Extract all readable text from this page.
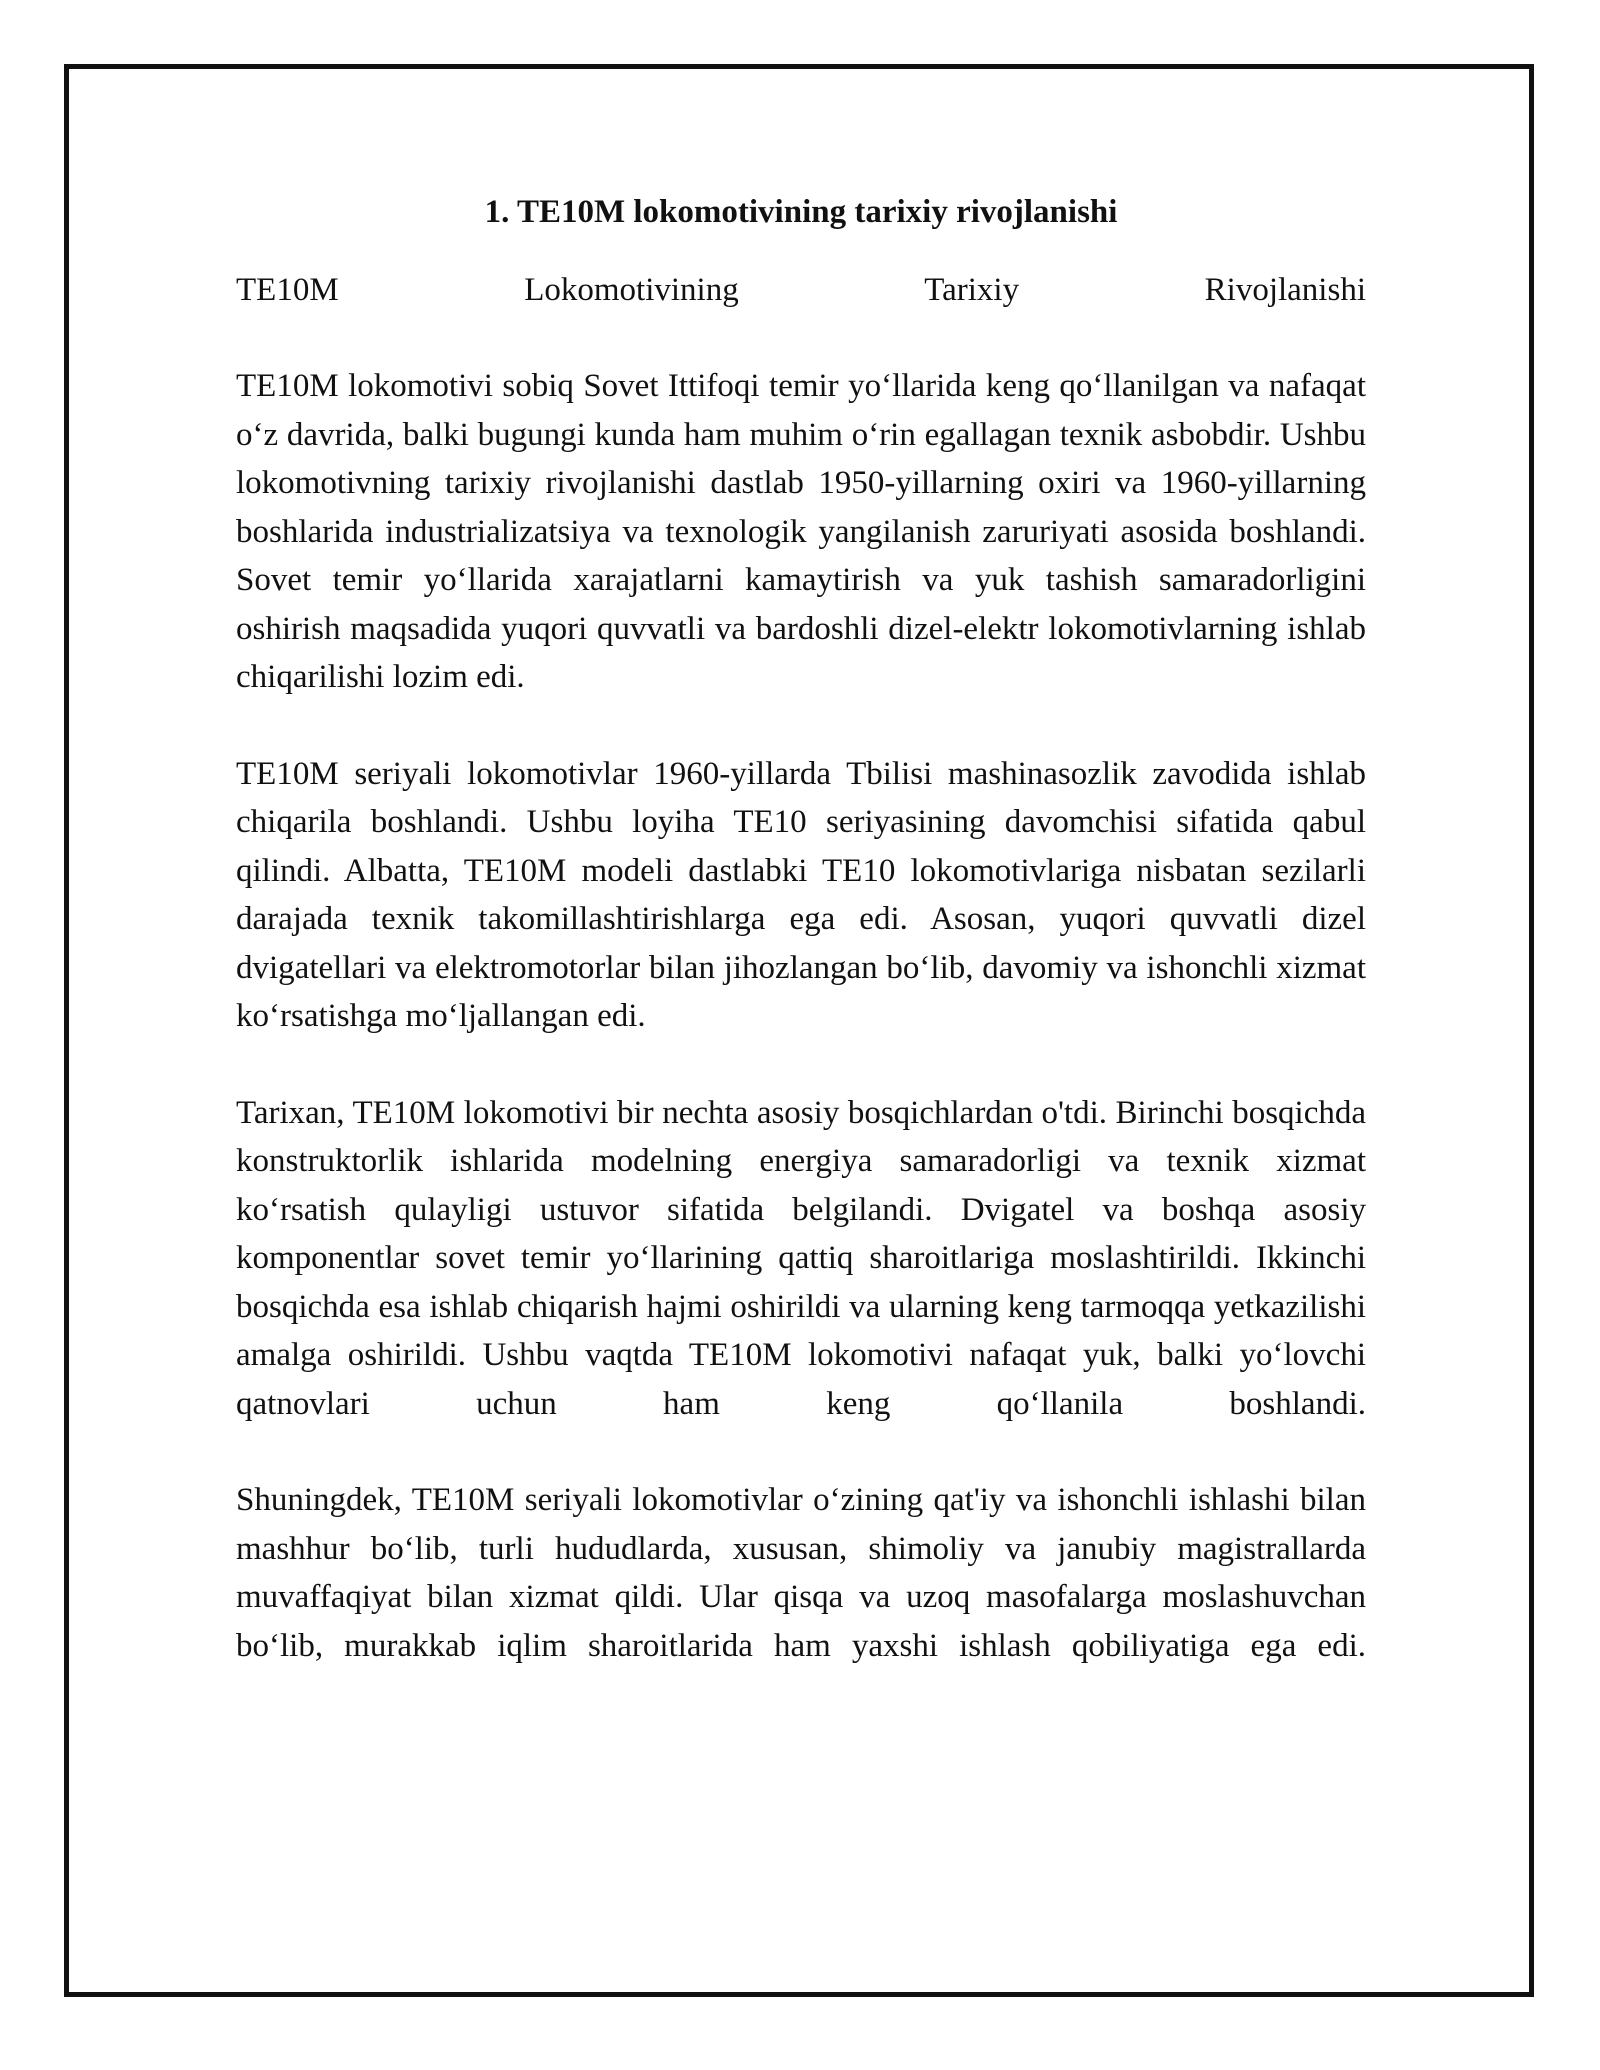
1. TE10M lokomotivining tarixiy rivojlanishi
TE10M	Lokomotivining	Tarixiy	Rivojlanishi

TE10M lokomotivi sobiq Sovet Ittifoqi temir yo‘llarida keng qo‘llanilgan va nafaqat o‘z davrida, balki bugungi kunda ham muhim o‘rin egallagan texnik asbobdir. Ushbu lokomotivning tarixiy rivojlanishi dastlab 1950-yillarning oxiri va 1960-yillarning boshlarida industrializatsiya va texnologik yangilanish zaruriyati asosida boshlandi. Sovet temir yo‘llarida xarajatlarni kamaytirish va yuk tashish samaradorligini oshirish maqsadida yuqori quvvatli va bardoshli dizel-elektr lokomotivlarning ishlab chiqarilishi lozim edi.

TE10M seriyali lokomotivlar 1960-yillarda Tbilisi mashinasozlik zavodida ishlab chiqarila boshlandi. Ushbu loyiha TE10 seriyasining davomchisi sifatida qabul qilindi. Albatta, TE10M modeli dastlabki TE10 lokomotivlariga nisbatan sezilarli darajada texnik takomillashtirishlarga ega edi. Asosan, yuqori quvvatli dizel dvigatellari va elektromotorlar bilan jihozlangan bo‘lib, davomiy va ishonchli xizmat ko‘rsatishga mo‘ljallangan edi.

Tarixan, TE10M lokomotivi bir nechta asosiy bosqichlardan o'tdi. Birinchi bosqichda konstruktorlik ishlarida modelning energiya samaradorligi va texnik xizmat ko‘rsatish qulayligi ustuvor sifatida belgilandi. Dvigatel va boshqa asosiy komponentlar sovet temir yo‘llarining qattiq sharoitlariga moslashtirildi. Ikkinchi bosqichda esa ishlab chiqarish hajmi oshirildi va ularning keng tarmoqqa yetkazilishi amalga oshirildi. Ushbu vaqtda TE10M lokomotivi nafaqat yuk, balki yo‘lovchi qatnovlari uchun ham keng qo‘llanila boshlandi.

Shuningdek, TE10M seriyali lokomotivlar o‘zining qat'iy va ishonchli ishlashi bilan mashhur bo‘lib, turli hududlarda, xususan, shimoliy va janubiy magistrallarda muvaffaqiyat bilan xizmat qildi. Ular qisqa va uzoq masofalarga moslashuvchan bo‘lib, murakkab iqlim sharoitlarida ham yaxshi ishlash qobiliyatiga ega edi.
